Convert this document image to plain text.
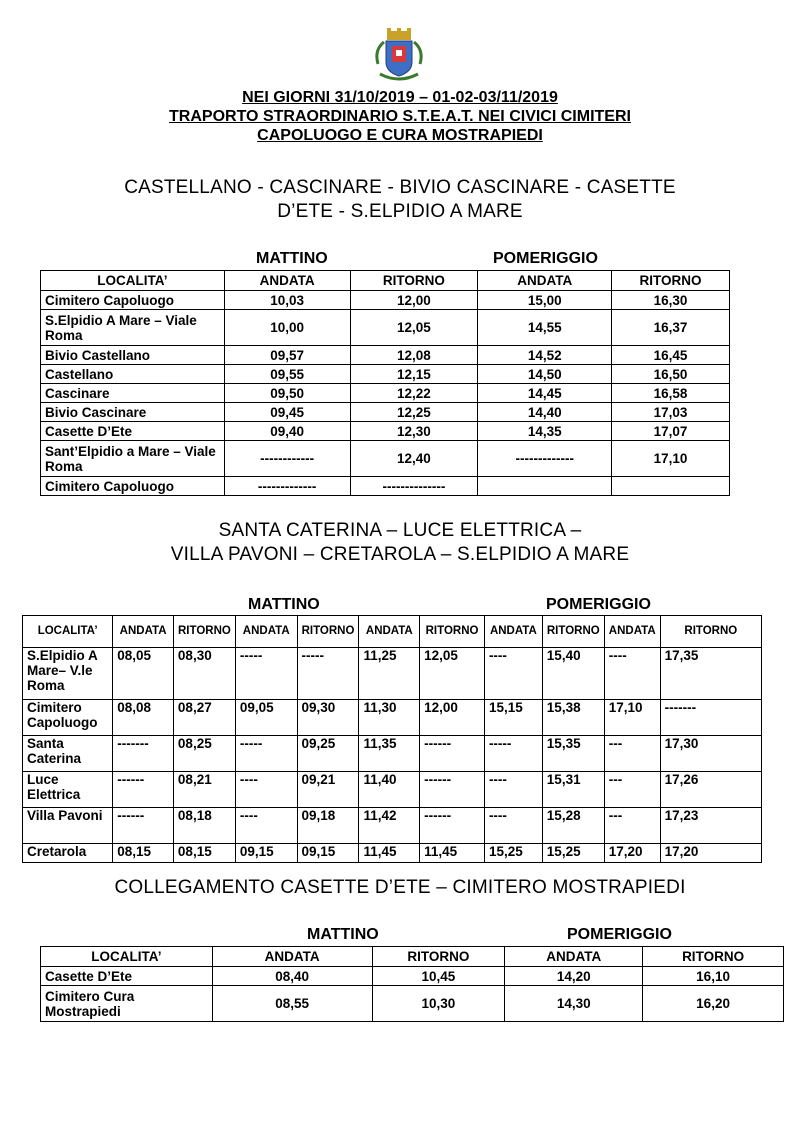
NEI GIORNI 31/10/2019 – 01-02-03/11/2019
TRAPORTO STRAORDINARIO S.T.E.A.T. NEI CIVICI CIMITERI
CAPOLUOGO E CURA MOSTRAPIEDI
CASTELLANO - CASCINARE - BIVIO CASCINARE - CASETTE
D’ETE - S.ELPIDIO A MARE
MATTINO	POMERIGGIO
LOCALITA’	ANDATA	RITORNO	ANDATA	RITORNO
Cimitero Capoluogo	10,03	12,00	15,00	16,30
S.Elpidio A Mare – Viale Roma	10,00	12,05	14,55	16,37
Bivio Castellano	09,57	12,08	14,52	16,45
Castellano	09,55	12,15	14,50	16,50
Cascinare	09,50	12,22	14,45	16,58
Bivio Cascinare	09,45	12,25	14,40	17,03
Casette D’Ete	09,40	12,30	14,35	17,07
Sant’Elpidio a Mare – Viale Roma	------------	12,40	-------------	17,10
Cimitero Capoluogo	-------------	--------------		
SANTA CATERINA – LUCE ELETTRICA –
VILLA PAVONI – CRETAROLA – S.ELPIDIO A MARE
MATTINO	POMERIGGIO
LOCALITA’	ANDATA	RITORNO	ANDATA	RITORNO	ANDATA	RITORNO	ANDATA	RITORNO	ANDATA	RITORNO
S.Elpidio A Mare– V.le Roma	08,05	08,30	-----	-----	11,25	12,05	----	15,40	----	17,35
Cimitero Capoluogo	08,08	08,27	09,05	09,30	11,30	12,00	15,15	15,38	17,10	-------
Santa Caterina	-------	08,25	-----	09,25	11,35	------	-----	15,35	---	17,30
Luce Elettrica	------	08,21	----	09,21	11,40	------	----	15,31	---	17,26
Villa Pavoni	------	08,18	----	09,18	11,42	------	----	15,28	---	17,23
Cretarola	08,15	08,15	09,15	09,15	11,45	11,45	15,25	15,25	17,20	17,20
COLLEGAMENTO CASETTE D’ETE – CIMITERO MOSTRAPIEDI
MATTINO	POMERIGGIO
LOCALITA’	ANDATA	RITORNO	ANDATA	RITORNO
Casette D’Ete	08,40	10,45	14,20	16,10
Cimitero Cura Mostrapiedi	08,55	10,30	14,30	16,20
